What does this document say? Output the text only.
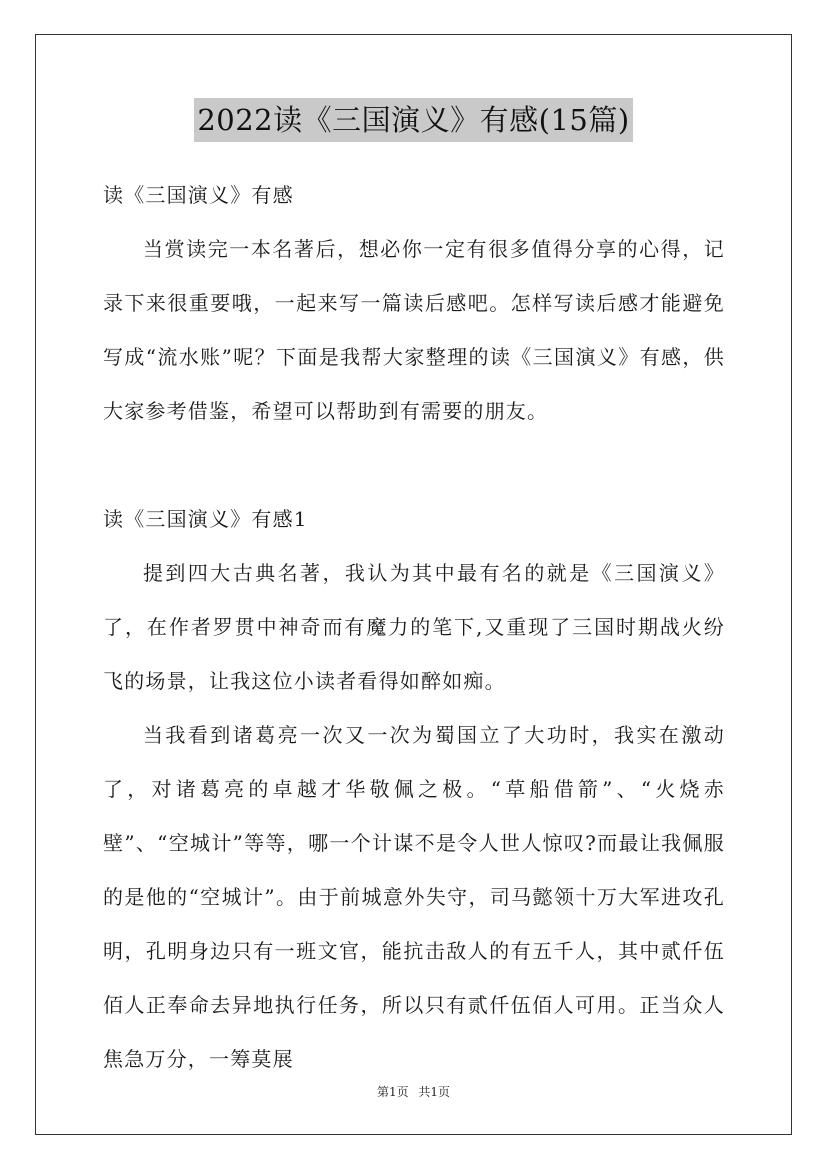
2022读《三国演义》有感(15篇)

读《三国演义》有感

当赏读完一本名著后，想必你一定有很多值得分享的心得，记录下来很重要哦，一起来写一篇读后感吧。怎样写读后感才能避免写成“流水账”呢？下面是我帮大家整理的读《三国演义》有感，供大家参考借鉴，希望可以帮助到有需要的朋友。

读《三国演义》有感1

提到四大古典名著，我认为其中最有名的就是《三国演义》了，在作者罗贯中神奇而有魔力的笔下,又重现了三国时期战火纷飞的场景，让我这位小读者看得如醉如痴。

当我看到诸葛亮一次又一次为蜀国立了大功时，我实在激动了，对诸葛亮的卓越才华敬佩之极。“草船借箭”、“火烧赤壁”、“空城计”等等，哪一个计谋不是令人世人惊叹?而最让我佩服的是他的“空城计”。由于前城意外失守，司马懿领十万大军进攻孔明，孔明身边只有一班文官，能抗击敌人的有五千人，其中贰仟伍佰人正奉命去异地执行任务，所以只有贰仟伍佰人可用。正当众人焦急万分，一筹莫展

第1页 共1页
